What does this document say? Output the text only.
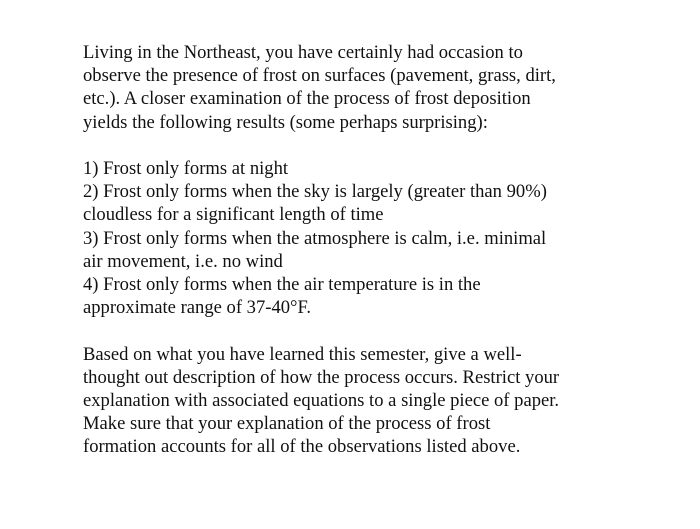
Living in the Northeast, you have certainly had occasion to
observe the presence of frost on surfaces (pavement, grass, dirt,
etc.). A closer examination of the process of frost deposition
yields the following results (some perhaps surprising):
1) Frost only forms at night
2) Frost only forms when the sky is largely (greater than 90%)
cloudless for a significant length of time
3) Frost only forms when the atmosphere is calm, i.e. minimal
air movement, i.e. no wind
4) Frost only forms when the air temperature is in the
approximate range of 37-40°F.
Based on what you have learned this semester, give a well-
thought out description of how the process occurs. Restrict your
explanation with associated equations to a single piece of paper.
Make sure that your explanation of the process of frost
formation accounts for all of the observations listed above.
